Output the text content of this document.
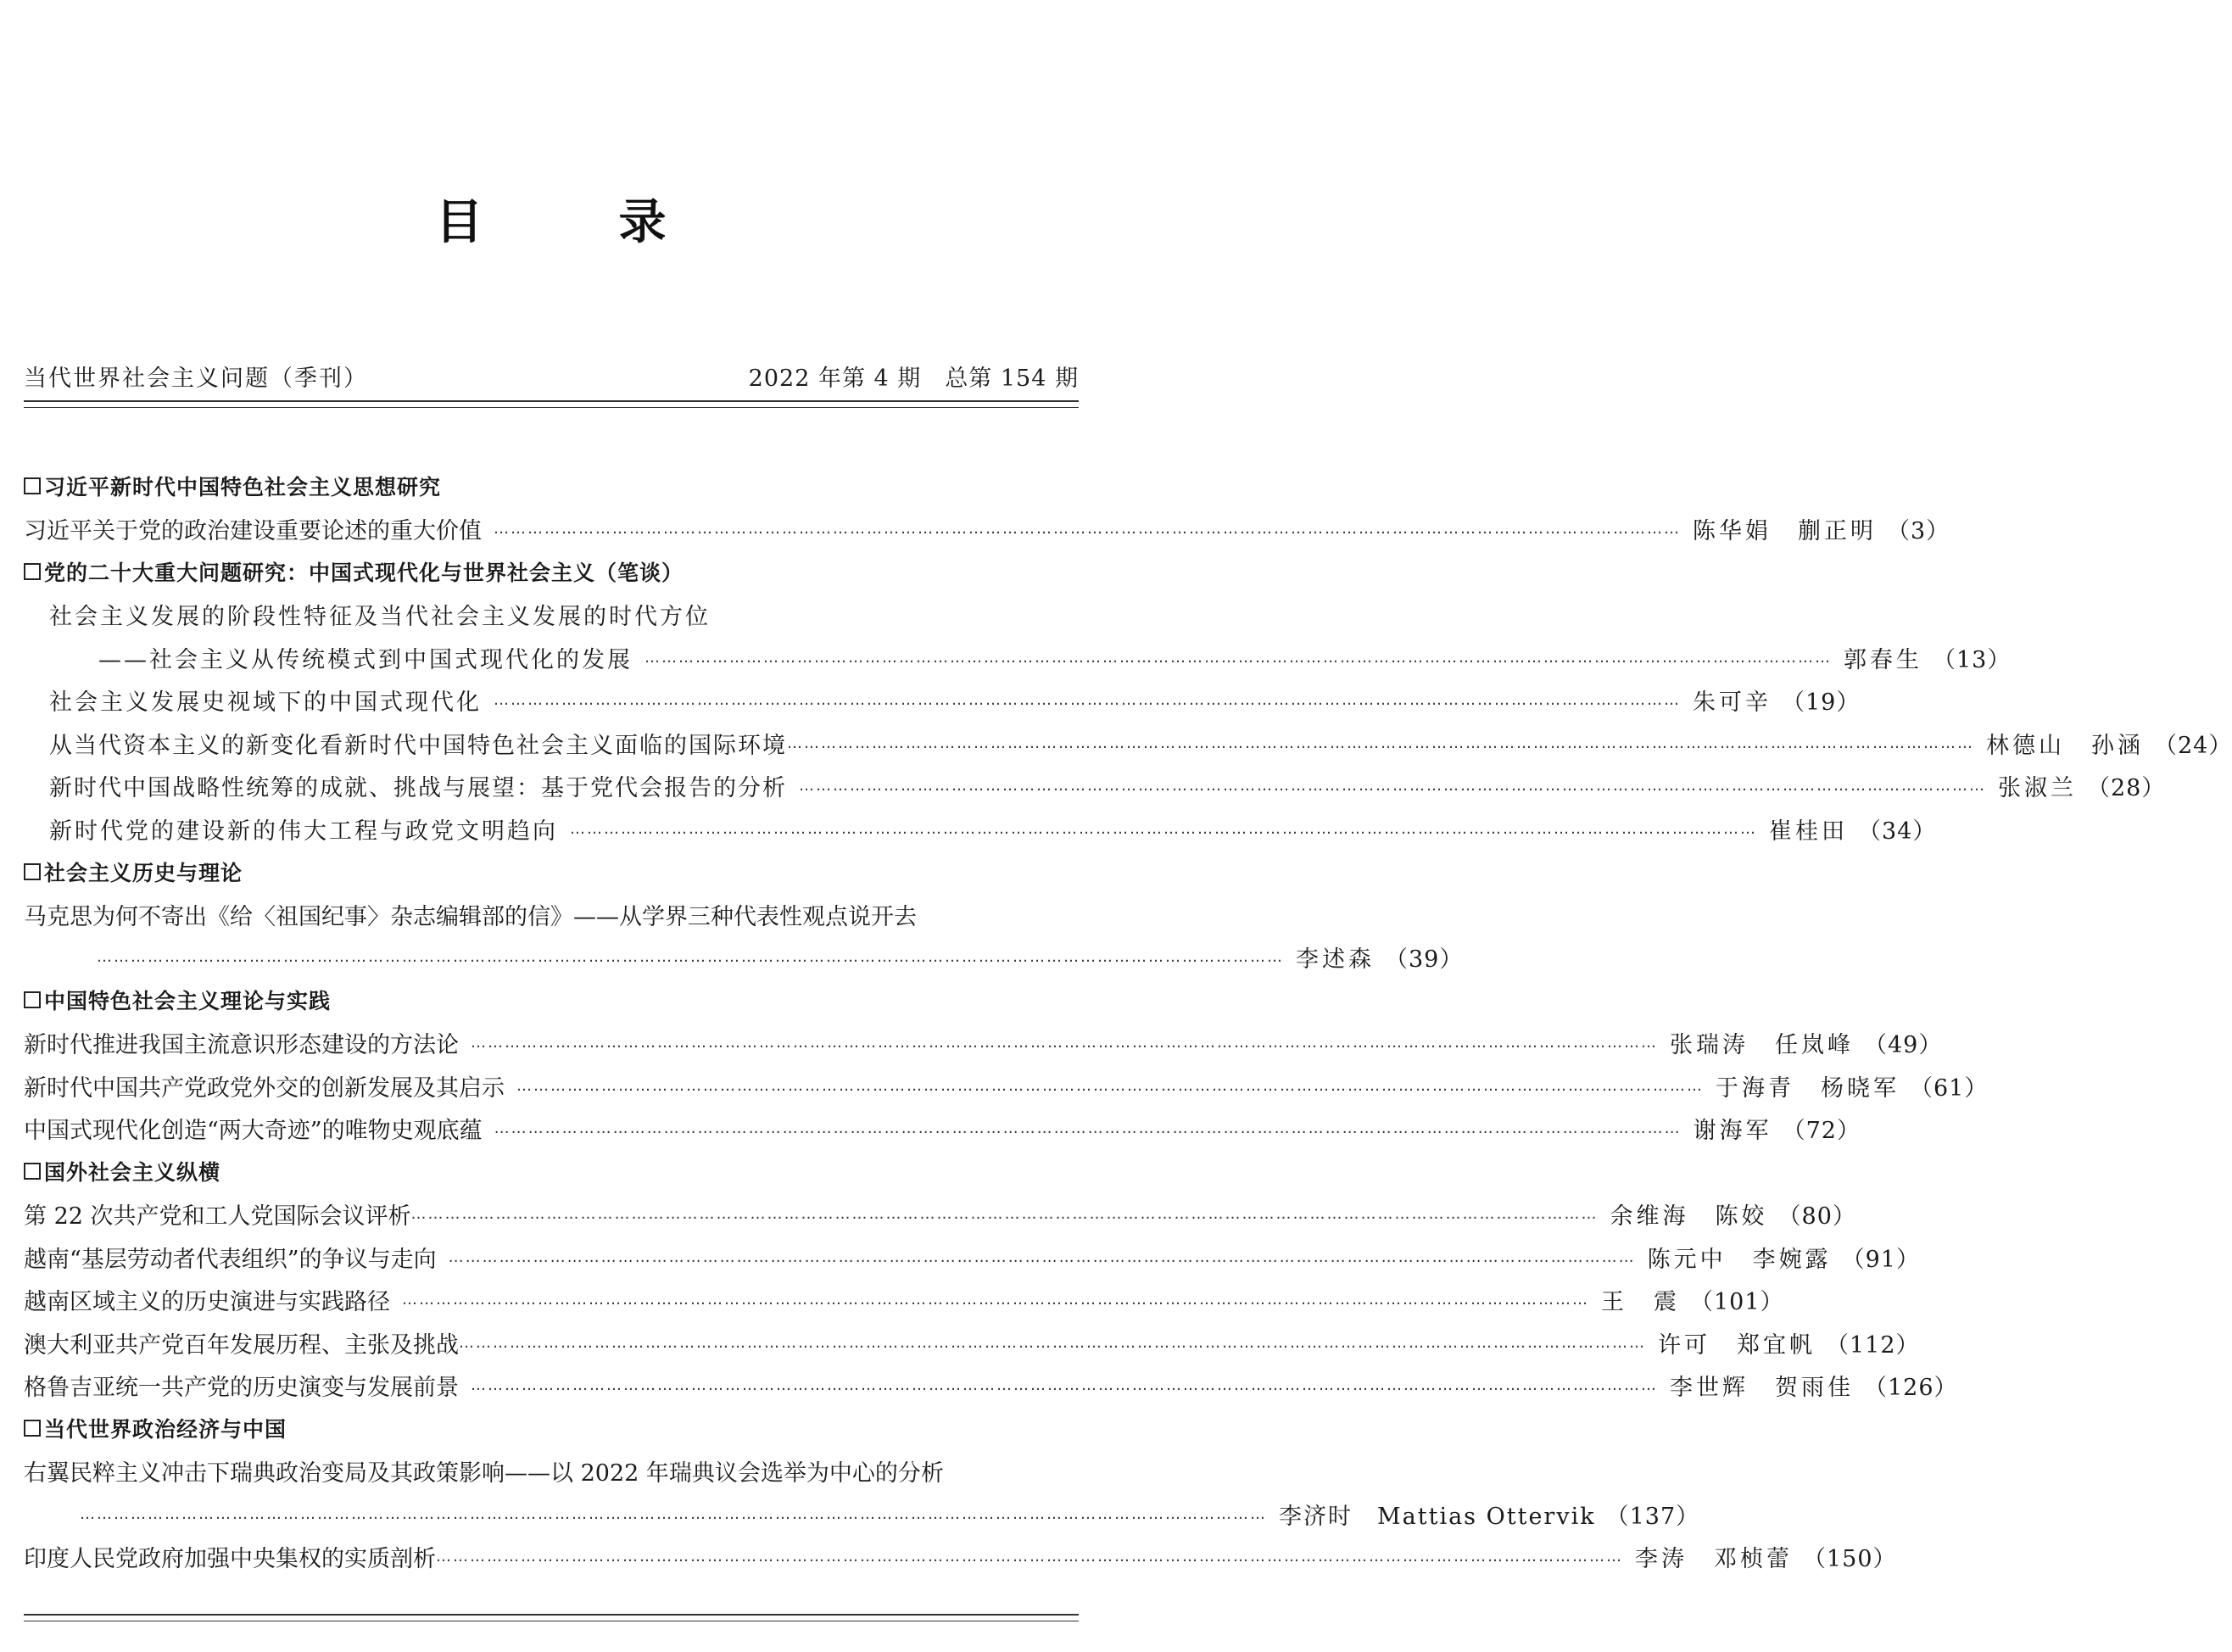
目	录
当代世界社会主义问题（季刊）	2022 年第 4 期　总第 154 期
习近平新时代中国特色社会主义思想研究
习近平关于党的政治建设重要论述的重大价值 ………………………………………………………………………………………………………………………………………………………………………………………… 陈华娟　蒯正明 （3）
党的二十大重大问题研究：中国式现代化与世界社会主义（笔谈）
社会主义发展的阶段性特征及当代社会主义发展的时代方位
——社会主义从传统模式到中国式现代化的发展 ………………………………………………………………………………………………………………………………………………………………………………………… 郭春生 （13）
社会主义发展史视域下的中国式现代化 ………………………………………………………………………………………………………………………………………………………………………………………… 朱可辛 （19）
从当代资本主义的新变化看新时代中国特色社会主义面临的国际环境 ………………………………………………………………………………………………………………………………………………………………………………………… 林德山　孙涵 （24）
新时代中国战略性统筹的成就、挑战与展望：基于党代会报告的分析 ………………………………………………………………………………………………………………………………………………………………………………………… 张淑兰 （28）
新时代党的建设新的伟大工程与政党文明趋向 ………………………………………………………………………………………………………………………………………………………………………………………… 崔桂田 （34）
社会主义历史与理论
马克思为何不寄出《给〈祖国纪事〉杂志编辑部的信》——从学界三种代表性观点说开去
………………………………………………………………………………………………………………………………………………………………………………………… 李述森 （39）
中国特色社会主义理论与实践
新时代推进我国主流意识形态建设的方法论 ………………………………………………………………………………………………………………………………………………………………………………………… 张瑞涛　任岚峰 （49）
新时代中国共产党政党外交的创新发展及其启示 ………………………………………………………………………………………………………………………………………………………………………………………… 于海青　杨晓军 （61）
中国式现代化创造“两大奇迹”的唯物史观底蕴 ………………………………………………………………………………………………………………………………………………………………………………………… 谢海军 （72）
国外社会主义纵横
第 22 次共产党和工人党国际会议评析 ………………………………………………………………………………………………………………………………………………………………………………………… 余维海　陈姣 （80）
越南“基层劳动者代表组织”的争议与走向 ………………………………………………………………………………………………………………………………………………………………………………………… 陈元中　李婉露 （91）
越南区域主义的历史演进与实践路径 ………………………………………………………………………………………………………………………………………………………………………………………… 王　震 （101）
澳大利亚共产党百年发展历程、主张及挑战 ………………………………………………………………………………………………………………………………………………………………………………………… 许可　郑宜帆 （112）
格鲁吉亚统一共产党的历史演变与发展前景 ………………………………………………………………………………………………………………………………………………………………………………………… 李世辉　贺雨佳 （126）
当代世界政治经济与中国
右翼民粹主义冲击下瑞典政治变局及其政策影响——以 2022 年瑞典议会选举为中心的分析
………………………………………………………………………………………………………………………………………………………………………………………… 李济时　Mattias Ottervik （137）
印度人民党政府加强中央集权的实质剖析 ………………………………………………………………………………………………………………………………………………………………………………………… 李涛　邓桢蕾 （150）
